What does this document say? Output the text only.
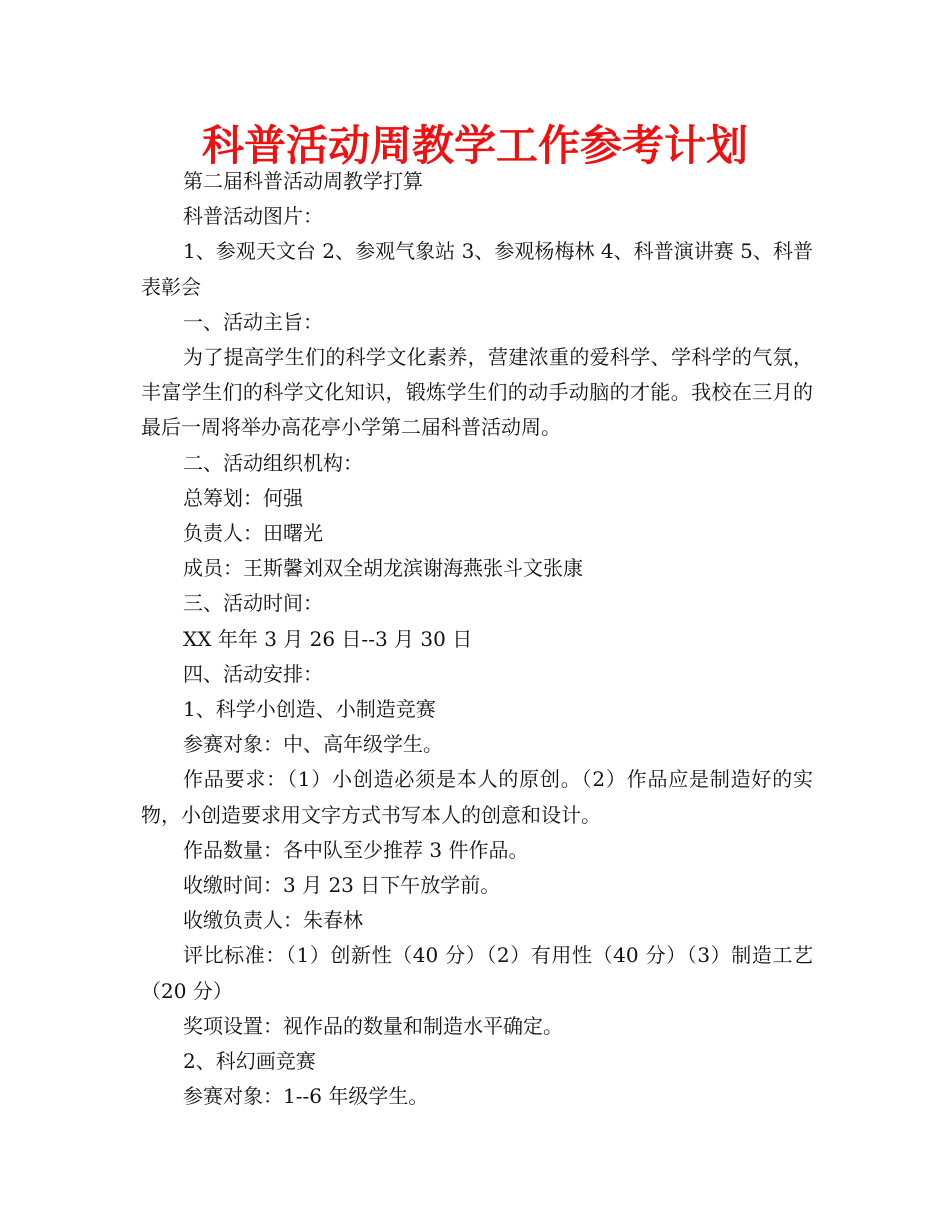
科普活动周教学工作参考计划

第二届科普活动周教学打算

科普活动图片：

1、参观天文台 2、参观气象站 3、参观杨梅林 4、科普演讲赛 5、科普表彰会

一、活动主旨：

为了提高学生们的科学文化素养，营建浓重的爱科学、学科学的气氛，丰富学生们的科学文化知识，锻炼学生们的动手动脑的才能。我校在三月的最后一周将举办高花亭小学第二届科普活动周。

二、活动组织机构：

总筹划：何强

负责人：田曙光

成员：王斯馨刘双全胡龙滨谢海燕张斗文张康

三、活动时间：

XX 年年 3 月 26 日--3 月 30 日

四、活动安排：

1、科学小创造、小制造竞赛

参赛对象：中、高年级学生。

作品要求：（1）小创造必须是本人的原创。（2）作品应是制造好的实物，小创造要求用文字方式书写本人的创意和设计。

作品数量：各中队至少推荐 3 件作品。

收缴时间：3 月 23 日下午放学前。

收缴负责人：朱春林

评比标准：（1）创新性（40 分）（2）有用性（40 分）（3）制造工艺（20 分）

奖项设置：视作品的数量和制造水平确定。

2、科幻画竞赛

参赛对象：1--6 年级学生。
